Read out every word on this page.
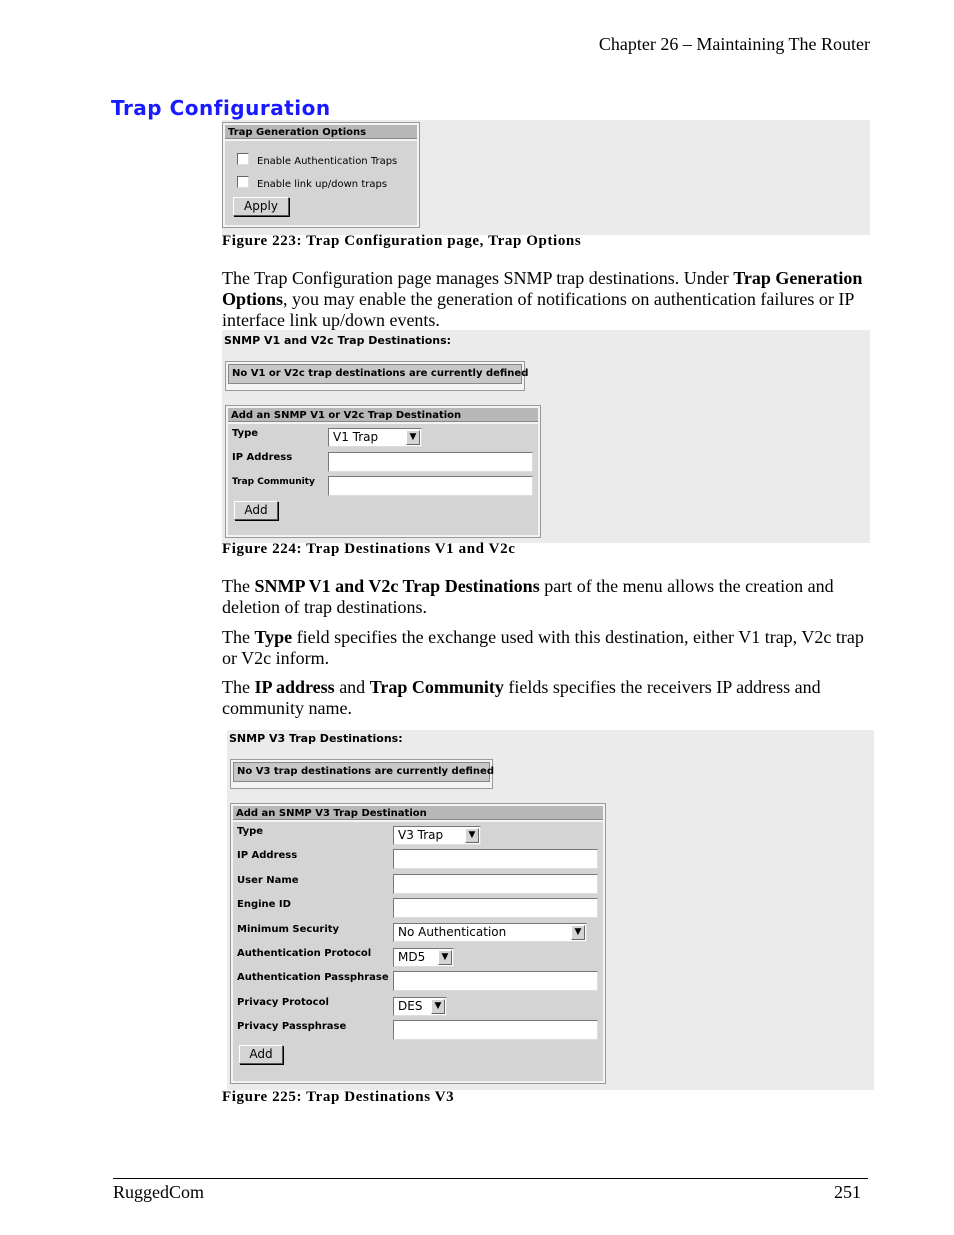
Chapter 26 – Maintaining The Router
Trap Configuration
Trap Generation Options
Enable Authentication Traps
Enable link up/down traps
Apply
Figure 223: Trap Configuration page, Trap Options
The Trap Configuration page manages SNMP trap destinations. Under Trap Generation Options, you may enable the generation of notifications on authentication failures or IP interface link up/down events.
SNMP V1 and V2c Trap Destinations:
No V1 or V2c trap destinations are currently defined
Add an SNMP V1 or V2c Trap Destination
Type	V1 Trap	▼
IP Address
Trap Community
Add
Figure 224: Trap Destinations V1 and V2c
The SNMP V1 and V2c Trap Destinations part of the menu allows the creation and deletion of trap destinations.
The Type field specifies the exchange used with this destination, either V1 trap, V2c trap or V2c inform.
The IP address and Trap Community fields specifies the receivers IP address and community name.
SNMP V3 Trap Destinations:
No V3 trap destinations are currently defined
Add an SNMP V3 Trap Destination
Type	V3 Trap	▼
IP Address
User Name
Engine ID
Minimum Security	No Authentication	▼
Authentication Protocol	MD5	▼
Authentication Passphrase
Privacy Protocol	DES	▼
Privacy Passphrase
Add
Figure 225: Trap Destinations V3
RuggedCom	251
